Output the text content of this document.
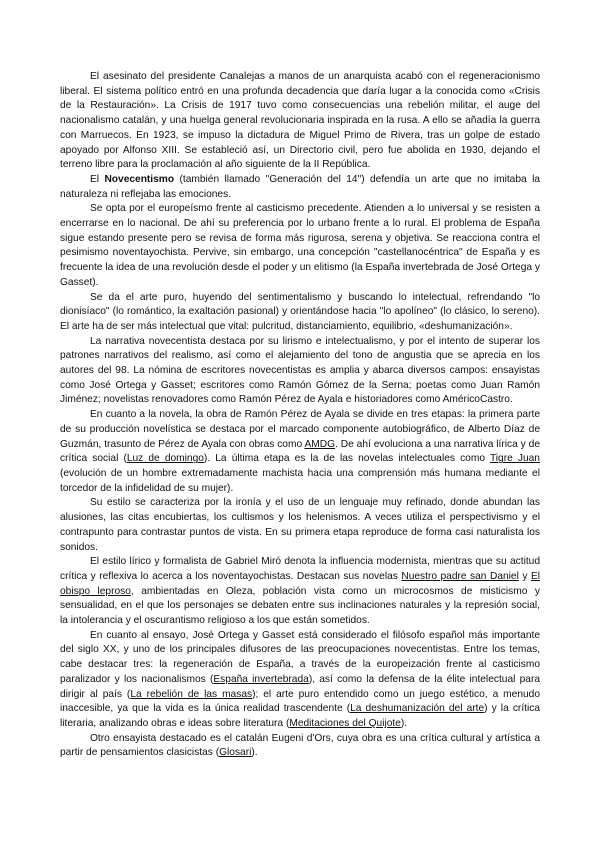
El asesinato del presidente Canalejas a manos de un anarquista acabó con el regeneracionismo liberal. El sistema político entró en una profunda decadencia que daría lugar a la conocida como «Crisis de la Restauración». La Crisis de 1917 tuvo como consecuencias una rebelión militar, el auge del nacionalismo catalán, y una huelga general revolucionaria inspirada en la rusa. A ello se añadía la guerra con Marruecos. En 1923, se impuso la dictadura de Miguel Primo de Rivera, tras un golpe de estado apoyado por Alfonso XIII. Se estableció así, un Directorio civil, pero fue abolida en 1930, dejando el terreno libre para la proclamación al año siguiente de la II República.

El Novecentismo (también llamado "Generación del 14") defendía un arte que no imitaba la naturaleza ni reflejaba las emociones.

Se opta por el europeísmo frente al casticismo precedente. Atienden a lo universal y se resisten a encerrarse en lo nacional. De ahí su preferencia por lo urbano frente a lo rural. El problema de España sigue estando presente pero se revisa de forma más rigurosa, serena y objetiva. Se reacciona contra el pesimismo noventayochista. Pervive, sin embargo, una concepción "castellanocéntrica" de España y es frecuente la idea de una revolución desde el poder y un elitismo (la España invertebrada de José Ortega y Gasset).

Se da el arte puro, huyendo del sentimentalismo y buscando lo intelectual, refrendando "lo dionisíaco" (lo romántico, la exaltación pasional) y orientándose hacia "lo apolíneo" (lo clásico, lo sereno). El arte ha de ser más intelectual que vital: pulcritud, distanciamiento, equilibrio, «deshumanización».

La narrativa novecentista destaca por su lirismo e intelectualismo, y por el intento de superar los patrones narrativos del realismo, así como el alejamiento del tono de angustia que se aprecia en los autores del 98. La nómina de escritores novecentistas es amplia y abarca diversos campos: ensayistas como José Ortega y Gasset; escritores como Ramón Gómez de la Serna; poetas como Juan Ramón Jiménez; novelistas renovadores como Ramón Pérez de Ayala e historiadores como AméricoCastro.

En cuanto a la novela, la obra de Ramón Pérez de Ayala se divide en tres etapas: la primera parte de su producción novelística se destaca por el marcado componente autobiográfico, de Alberto Díaz de Guzmán, trasunto de Pérez de Ayala con obras como AMDG. De ahí evoluciona a una narrativa lírica y de crítica social (Luz de domingo). La última etapa es la de las novelas intelectuales como Tigre Juan (evolución de un hombre extremadamente machista hacia una comprensión más humana mediante el torcedor de la infidelidad de su mujer).

Su estilo se caracteriza por la ironía y el uso de un lenguaje muy refinado, donde abundan las alusiones, las citas encubiertas, los cultismos y los helenismos. A veces utiliza el perspectivismo y el contrapunto para contrastar puntos de vista. En su primera etapa reproduce de forma casi naturalista los sonidos.

El estilo lírico y formalista de Gabriel Miró denota la influencia modernista, mientras que su actitud crítica y reflexiva lo acerca a los noventayochistas. Destacan sus novelas Nuestro padre san Daniel y El obispo leproso, ambientadas en Oleza, población vista como un microcosmos de misticismo y sensualidad, en el que los personajes se debaten entre sus inclinaciones naturales y la represión social, la intolerancia y el oscurantismo religioso a los que están sometidos.

En cuanto al ensayo, José Ortega y Gasset está considerado el filósofo español más importante del siglo XX, y uno de los principales difusores de las preocupaciones novecentistas. Entre los temas, cabe destacar tres: la regeneración de España, a través de la europeización frente al casticismo paralizador y los nacionalismos (España invertebrada), así como la defensa de la élite intelectual para dirigir al país (La rebelión de las masas); el arte puro entendido como un juego estético, a menudo inaccesible, ya que la vida es la única realidad trascendente (La deshumanización del arte) y la crítica literaria, analizando obras e ideas sobre literatura (Meditaciones del Quijote).

Otro ensayista destacado es el catalán Eugeni d'Ors, cuya obra es una crítica cultural y artística a partir de pensamientos clasicistas (Glosari).
